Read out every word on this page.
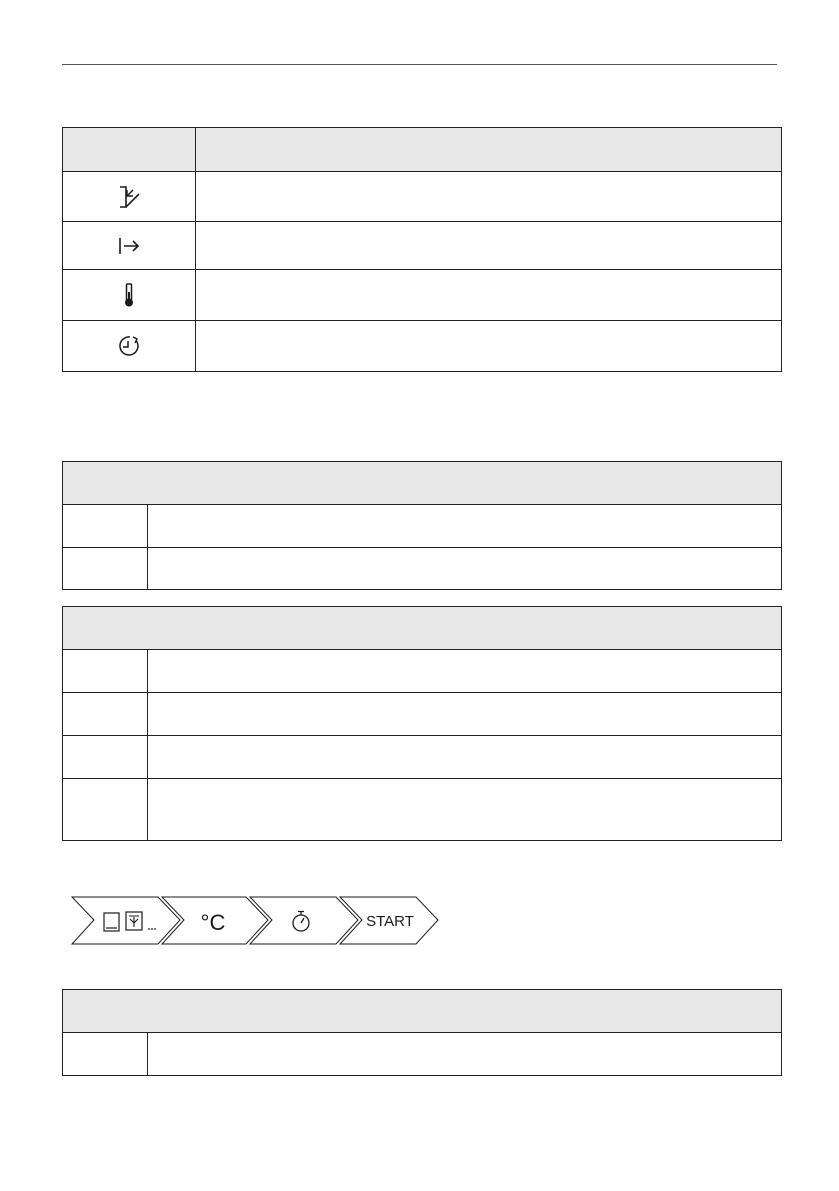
°C	START
